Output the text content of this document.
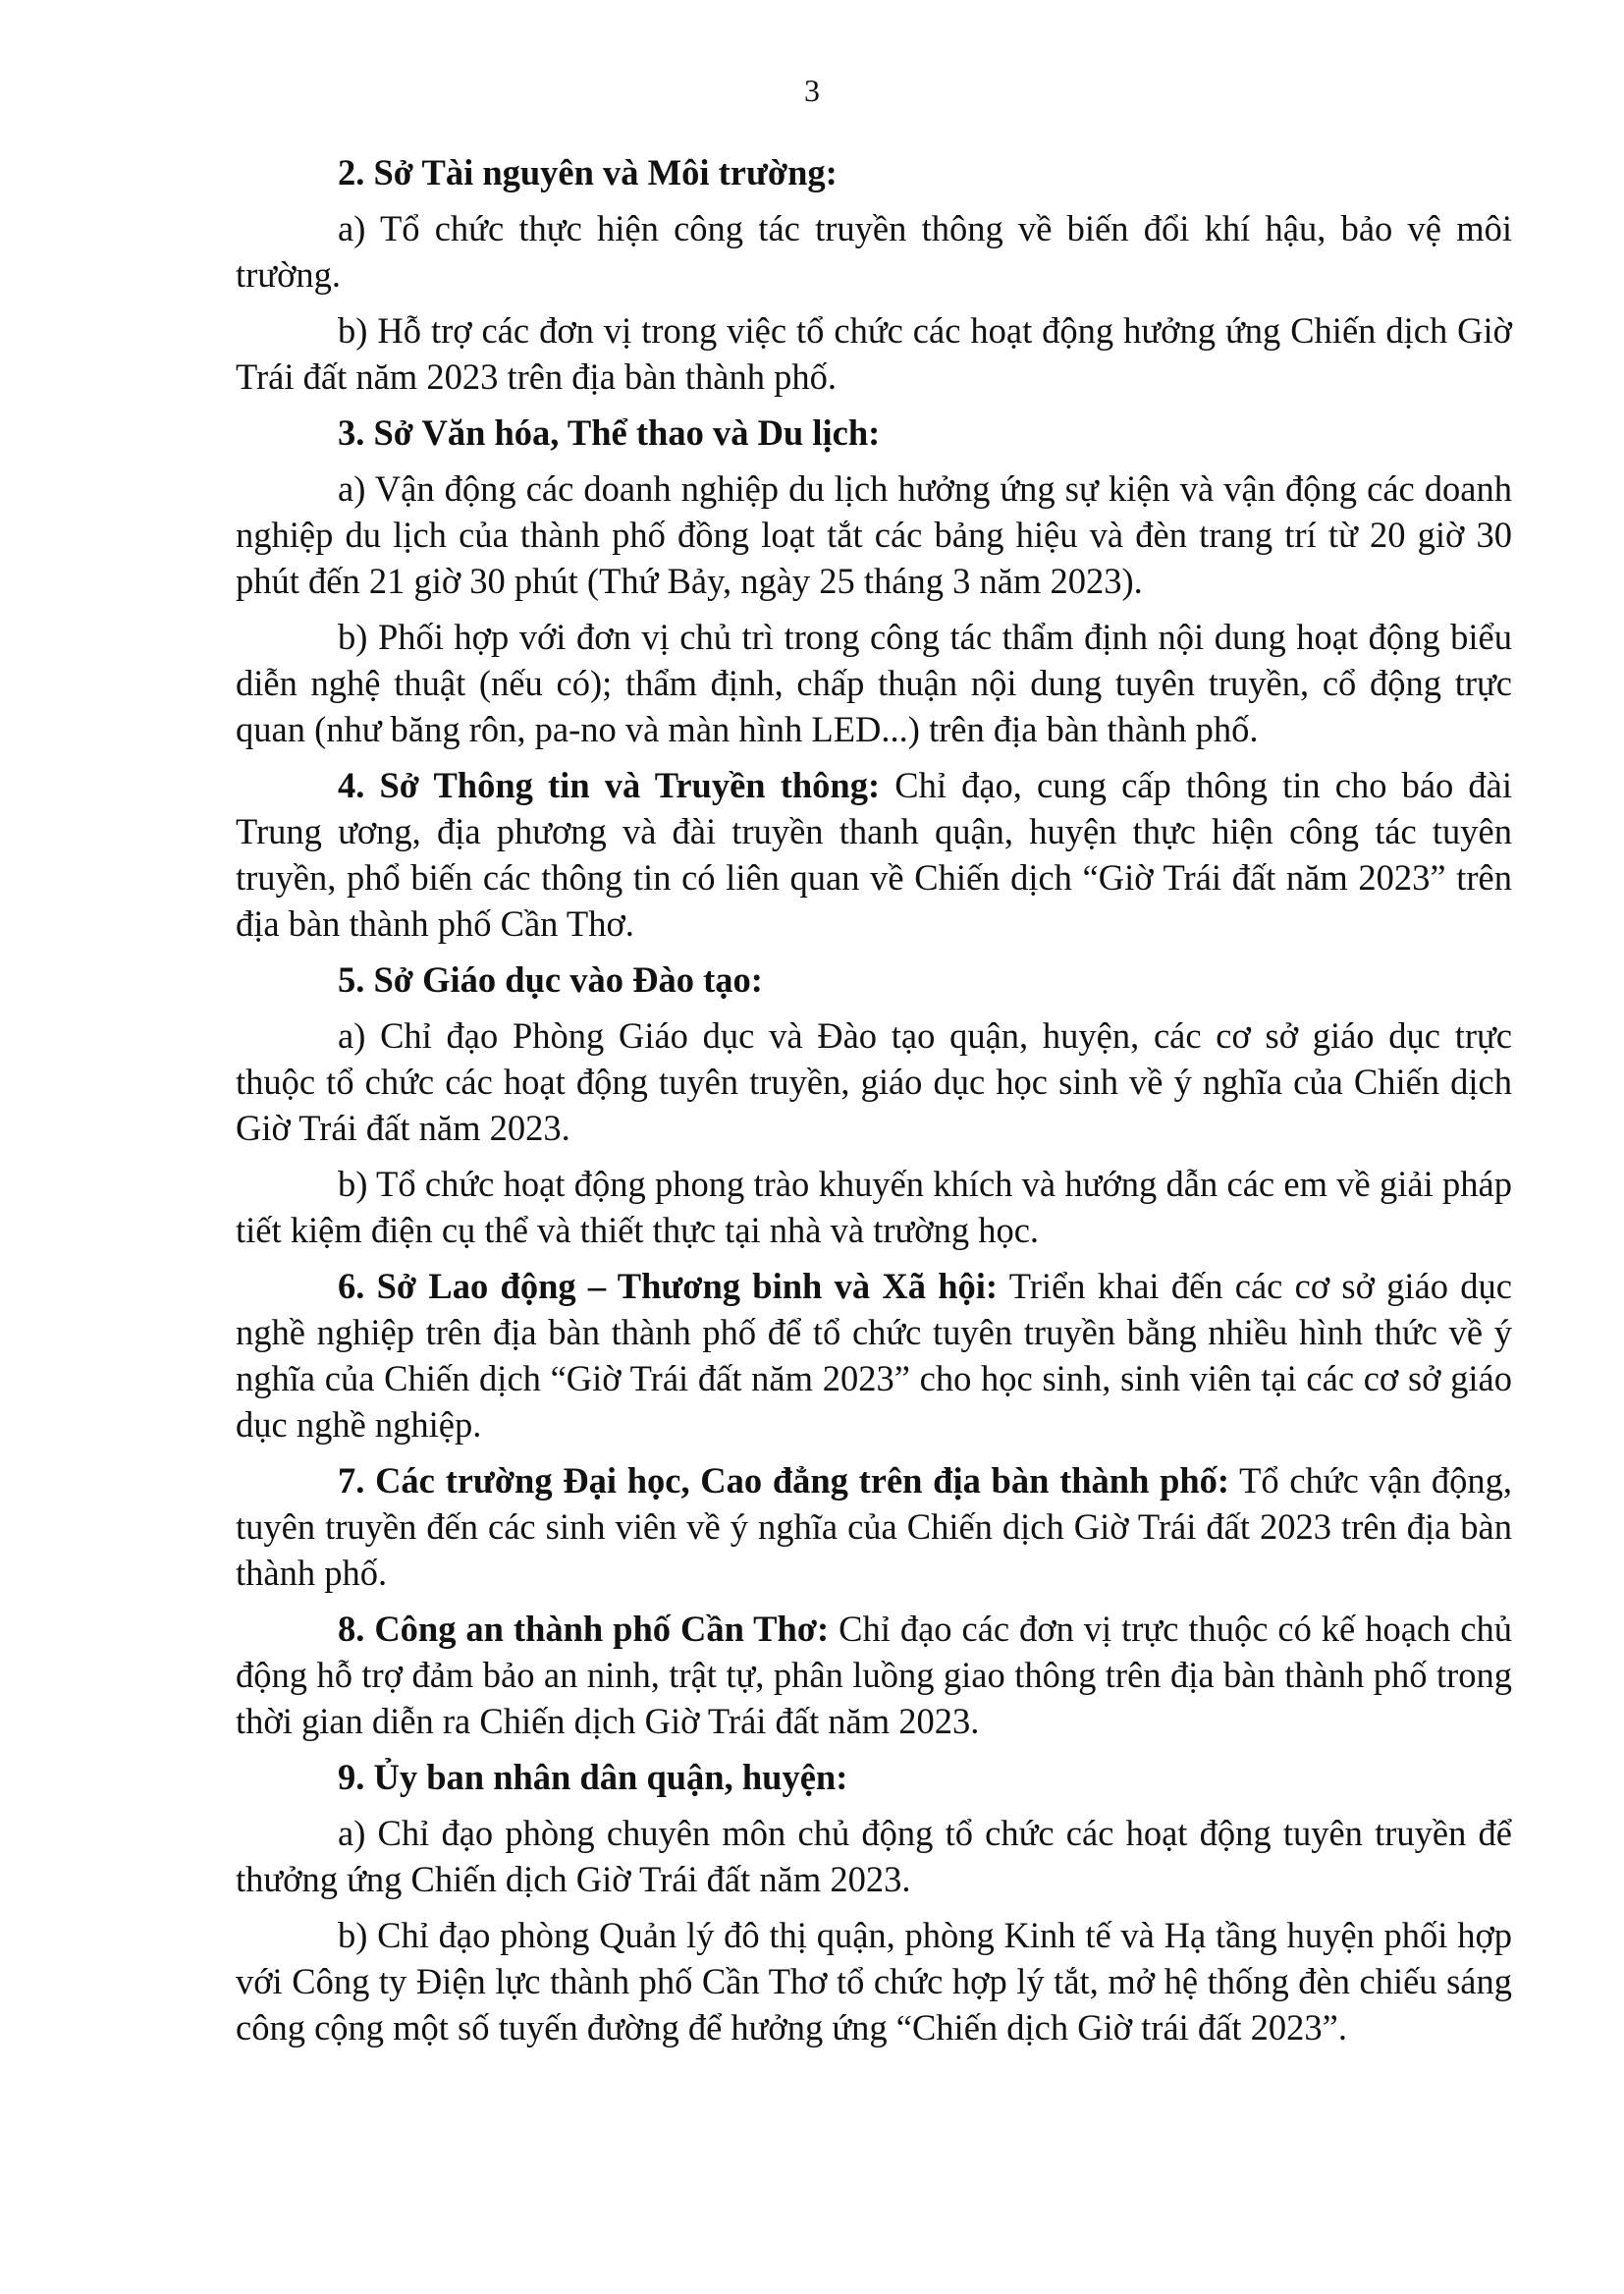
3

2. Sở Tài nguyên và Môi trường:

a) Tổ chức thực hiện công tác truyền thông về biến đổi khí hậu, bảo vệ môi trường.

b) Hỗ trợ các đơn vị trong việc tổ chức các hoạt động hưởng ứng Chiến dịch Giờ Trái đất năm 2023 trên địa bàn thành phố.

3. Sở Văn hóa, Thể thao và Du lịch:

a) Vận động các doanh nghiệp du lịch hưởng ứng sự kiện và vận động các doanh nghiệp du lịch của thành phố đồng loạt tắt các bảng hiệu và đèn trang trí từ 20 giờ 30 phút đến 21 giờ 30 phút (Thứ Bảy, ngày 25 tháng 3 năm 2023).

b) Phối hợp với đơn vị chủ trì trong công tác thẩm định nội dung hoạt động biểu diễn nghệ thuật (nếu có); thẩm định, chấp thuận nội dung tuyên truyền, cổ động trực quan (như băng rôn, pa-no và màn hình LED...) trên địa bàn thành phố.

4. Sở Thông tin và Truyền thông: Chỉ đạo, cung cấp thông tin cho báo đài Trung ương, địa phương và đài truyền thanh quận, huyện thực hiện công tác tuyên truyền, phổ biến các thông tin có liên quan về Chiến dịch “Giờ Trái đất năm 2023” trên địa bàn thành phố Cần Thơ.

5. Sở Giáo dục vào Đào tạo:

a) Chỉ đạo Phòng Giáo dục và Đào tạo quận, huyện, các cơ sở giáo dục trực thuộc tổ chức các hoạt động tuyên truyền, giáo dục học sinh về ý nghĩa của Chiến dịch Giờ Trái đất năm 2023.

b) Tổ chức hoạt động phong trào khuyến khích và hướng dẫn các em về giải pháp tiết kiệm điện cụ thể và thiết thực tại nhà và trường học.

6. Sở Lao động – Thương binh và Xã hội: Triển khai đến các cơ sở giáo dục nghề nghiệp trên địa bàn thành phố để tổ chức tuyên truyền bằng nhiều hình thức về ý nghĩa của Chiến dịch “Giờ Trái đất năm 2023” cho học sinh, sinh viên tại các cơ sở giáo dục nghề nghiệp.

7. Các trường Đại học, Cao đẳng trên địa bàn thành phố: Tổ chức vận động, tuyên truyền đến các sinh viên về ý nghĩa của Chiến dịch Giờ Trái đất 2023 trên địa bàn thành phố.

8. Công an thành phố Cần Thơ: Chỉ đạo các đơn vị trực thuộc có kế hoạch chủ động hỗ trợ đảm bảo an ninh, trật tự, phân luồng giao thông trên địa bàn thành phố trong thời gian diễn ra Chiến dịch Giờ Trái đất năm 2023.

9. Ủy ban nhân dân quận, huyện:

a) Chỉ đạo phòng chuyên môn chủ động tổ chức các hoạt động tuyên truyền để thưởng ứng Chiến dịch Giờ Trái đất năm 2023.

b) Chỉ đạo phòng Quản lý đô thị quận, phòng Kinh tế và Hạ tầng huyện phối hợp với Công ty Điện lực thành phố Cần Thơ tổ chức hợp lý tắt, mở hệ thống đèn chiếu sáng công cộng một số tuyến đường để hưởng ứng “Chiến dịch Giờ trái đất 2023”.
